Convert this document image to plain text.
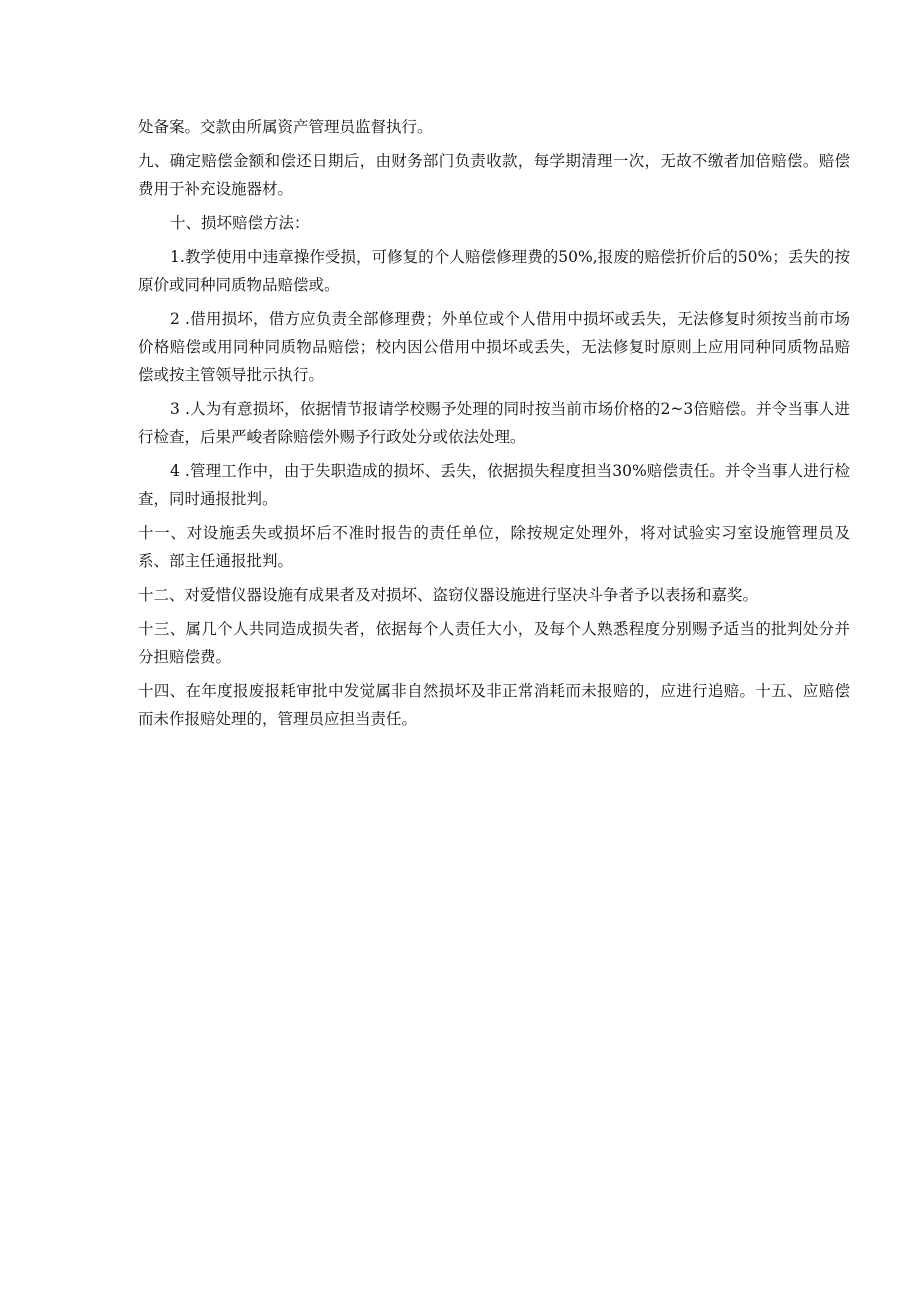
处备案。交款由所属资产管理员监督执行。

九、确定赔偿金额和偿还日期后，由财务部门负责收款，每学期清理一次，无故不缴者加倍赔偿。赔偿费用于补充设施器材。

十、损坏赔偿方法：

1.教学使用中违章操作受损，可修复的个人赔偿修理费的50%,报废的赔偿折价后的50%；丢失的按原价或同种同质物品赔偿或。

2 .借用损坏，借方应负责全部修理费；外单位或个人借用中损坏或丢失，无法修复时须按当前市场价格赔偿或用同种同质物品赔偿；校内因公借用中损坏或丢失，无法修复时原则上应用同种同质物品赔偿或按主管领导批示执行。

3 .人为有意损坏，依据情节报请学校赐予处理的同时按当前市场价格的2~3倍赔偿。并令当事人进行检查，后果严峻者除赔偿外赐予行政处分或依法处理。

4 .管理工作中，由于失职造成的损坏、丢失，依据损失程度担当30%赔偿责任。并令当事人进行检查，同时通报批判。

十一、对设施丢失或损坏后不准时报告的责任单位，除按规定处理外，将对试验实习室设施管理员及系、部主任通报批判。

十二、对爱惜仪器设施有成果者及对损坏、盗窃仪器设施进行坚决斗争者予以表扬和嘉奖。

十三、属几个人共同造成损失者，依据每个人责任大小，及每个人熟悉程度分别赐予适当的批判处分并分担赔偿费。

十四、在年度报废报耗审批中发觉属非自然损坏及非正常消耗而未报赔的，应进行追赔。十五、应赔偿而未作报赔处理的，管理员应担当责任。
